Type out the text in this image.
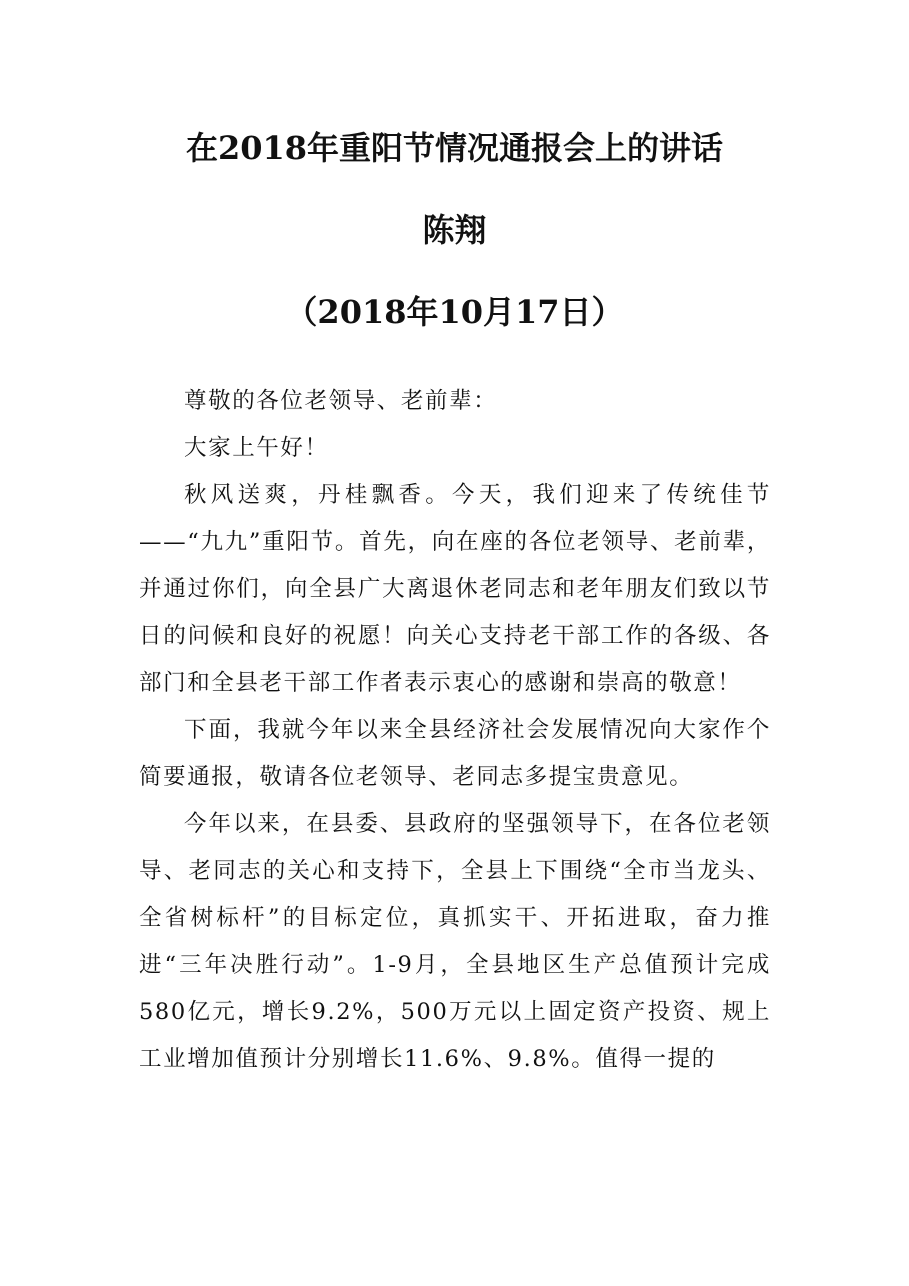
在2018年重阳节情况通报会上的讲话
陈翔
（2018年10月17日）

尊敬的各位老领导、老前辈：

大家上午好！

秋风送爽，丹桂飘香。今天，我们迎来了传统佳节——“九九”重阳节。首先，向在座的各位老领导、老前辈，并通过你们，向全县广大离退休老同志和老年朋友们致以节日的问候和良好的祝愿！向关心支持老干部工作的各级、各部门和全县老干部工作者表示衷心的感谢和崇高的敬意！

下面，我就今年以来全县经济社会发展情况向大家作个简要通报，敬请各位老领导、老同志多提宝贵意见。

今年以来，在县委、县政府的坚强领导下，在各位老领导、老同志的关心和支持下，全县上下围绕“全市当龙头、全省树标杆”的目标定位，真抓实干、开拓进取，奋力推进“三年决胜行动”。1-9月，全县地区生产总值预计完成580亿元，增长9.2%，500万元以上固定资产投资、规上工业增加值预计分别增长11.6%、9.8%。值得一提的
